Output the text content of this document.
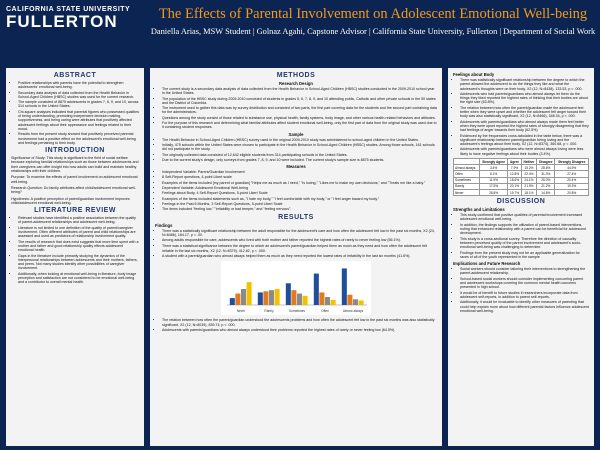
CALIFORNIA STATE UNIVERSITY
FULLERTON	The Effects of Parental Involvement on Adolescent Emotional Well-being
Daniella Arias, MSW Student | Golnaz Agahi, Capstone Advisor | California State University, Fullerton | Department of Social Work
ABSTRACT
• Positive relationships with parents have the potential to strengthen adolescents' emotional well-being.
• Secondary data analysis of data collected from the Health Behavior in School-Aged Children (HBSC) studies was used for the current research.
• The sample consisted of 8875 adolescents in grades 7, 8, 9, and 10, across 314 schools in the United States.
• Chi-square analyses indicated that parental figures who possessed qualities of being understanding, promoting independent decision making, supportiveness, and being caring were attributes that positively affected adolescent feelings about their appearance and feelings related to their mood.
• Results from the present study showed that positively perceived parental involvement had a positive effect on the adolescent's emotional well-being and feelings pertaining to their body.
INTRODUCTION

Significance of Study: This study is significant to the field of social welfare because exploring familial relationships such as those between adolescents and their caregivers can offer insight into how adults can build and maintain healthy relationships with their children.

Purpose: To examine the effects of parent involvement on adolescent emotional well-being.

Research Question: Do family attributes affect child/adolescent emotional well-being?

Hypothesis: A positive perception of parent/guardian involvement improves child/adolescent emotional well-being.

LITERATURE REVIEW
• Relevant studies have identified a positive association between the quality of parent-adolescent relationships and adolescent well-being.
• Literature is not limited to one definition of the quality of parent/caregiver involvement. Often different attributes of parent and child relationships are assessed and used as predictors of relationship involvement quality.
• The results of research that does exist suggests that more time spent with a mother and father and good relationship quality effects adolescent emotional health.
• Gaps in the literature include primarily studying the dynamics of the interpersonal relationships between adolescents and their mothers, fathers, and peers. Not many studies identify other possibilities of caregiver involvement.
• Additionally, when looking at emotional well-being in literature, body image perception and satisfaction are not considered to be emotional well-being and a contributor to overall mental health.
METHODS
Research Design
• The current study is a secondary data analysis of data collected from the Health Behavior in School-Aged Children (HBSC) studies conducted in the 2009-2010 school year in the United States.
• The population of the HBSC study during 2009-2010 consisted of students in grades 5, 6, 7, 8, 9, and 10 attending public, Catholic and other private schools in the 50 states and the District of Columbia.
• The instrument used to gather this data was by survey distribution and consisted of two parts, the first part covering data for the students and the second part containing data for the administrators.
• Questions among the study consist of those related to substance use, physical health, family systems, body image, and other various health-related behaviors and attitudes.
• For the purpose of this research and determining what familial attributes affect student emotional well-being, only the first part of data from the original study was used due to it containing student responses.
Sample
• The Health Behavior in School-Aged Children (HBSC) survey used in the original 2009-2010 study was administered to school-aged children in the United States.
• Initially, 475 schools within the United States were chosen to participate in the Health Behavior in School-Aged Children (HBSC) studies. Among those schools, 161 schools did not participate in the study.
• The originally collected data consisted of 12,642 eligible students from 314 participating schools in the United States.
• Due to the current study's design, only surveys from grades 7, 8, 9, and 10 were included. The current study's sample size is 8875 students.
Measures
• Independent Variable: Parent/Guardian Involvement
• 8 Self-Report questions, 4-point Likert scale
• Examples of the items included [my parent or guardian] "Helps me as much as I need," "Is loving," "Likes me to make my own decisions," and "Treats me like a baby."
• Dependent Variable: Adolescent Emotional Well-being
• Feelings about Body, 4 Self-Report Questions, 5-point Likert Scale
• Examples of the items included statements such as, "I hate my body," "I feel comfortable with my body," or "I feel anger toward my body."
• Feelings in the Past 6 Months, 3 Self-Report Questions, 5-point Likert Scale
• The items included "feeling low," "irritability or bad temper," and "feeling nervous".
RESULTS
Findings
• There was a statistically significant relationship between the adult responsible for the adolescent's care and how often the adolescent felt low in the past six months, X2 (24, N=8486), 164.17, p < .00.
• Among adults responsible for care, adolescents who lived with both mother and father reported the highest rates of rarely to never feeling low (56.1%).
• There was a statistical significance between the degree to which an adolescent's parent/guardian helped them as much as they need and how often the adolescent felt irritable in the last six months, X2 (12, N=8379), 412.82, p < .000.
• A student with a parent/guardian who almost always helped them as much as they need reported the lowest rates of irritability in the last six months (41.6%).
Never	Rarely	Sometimes	Often	Almost always
• The relation between how often the parent/guardian understood the adolescents problems and how often the adolescent felt low in the past six months was also statistically significant, X2 (12, N=8039), 839.74, p < .000.
• Adolescents with parents/guardians who almost always understood their problems reported the highest rates of rarely or never feeling low (64.5%).
Feelings about Body
• There was statistically significant relationship between the degree to which the parent allowed the adolescent to do the things they like and what the adolescent's thoughts were on their body, X2 (12, N=8438), 133.53, p < .000.
• Adolescents who had parents/guardians who almost always let them do the things they liked reported the highest rates of thinking that their bodies are about the right size (63.8%).
• The relation between how often the parent/guardian made the adolescent feel better when they were upset and whether the adolescent felt anger toward their body was also statistically significant, X2 (12, N=8466), 348.34, p < .000.
• Adolescents with parents/guardians who almost always made them feel better when they were upset reported the highest rates of strongly disagreeing that they had feelings of anger towards their body (62.5%)
• Evidenced by the frequencies cross-tabulated in the table below, there was a significant relationship between parent/guardian being loving and the adolescent's feelings about their body, X2 (12, N=8374), 360.68, p < .000.
• Adolescents with parents/guardians who were almost always loving were less likely to have negative feelings about their bodies (3.4%).
	Strongly Agree	Agree	Neither	Disagree	Strongly Disagree
Almost always	3.4%	7.9%	15.2%	28.6%	44.9%
Often	6.1%	12.8%	22.4%	31.3%	27.4%
Sometimes	11.9%	18.6%	24.1%	25.0%	20.4%
Rarely	17.5%	20.1%	21.9%	21.2%	19.3%
Never	26.8%	19.7%	18.1%	14.6%	20.8%
DISCUSSION
Strengths and Limitations
• This study confirmed that positive qualities of parental involvement increased adolescent emotional well-being.
• In addition, the findings supports the utilization of parent-based interventions, noting that enhanced relationship with a parent can be beneficial for adolescent development.
• This study is a cross-sectional survey. Therefore the direction of causality between perceived quality of the parent involvement and adolescent's socio-emotional well-being was challenging to determine.
• Findings from the present study may not be an applicable generalization for races of all of the youth represented in the sample
Implications and Future Research
• Social workers should consider tailoring their interventions to strengthening the parent-adolescent relationship.
• School-based social workers should consider implementing concurring parent and adolescent workshops covering the common mental health concerns presented in high school.
• It would be of benefit to future studies if researchers incorporate data from adolescent self-reports, in addition to parent self-reports.
• Additionally, it would be invaluable to identify other measures of parenting that could help explain more about how different parental factors influence adolescent emotional well-being.
